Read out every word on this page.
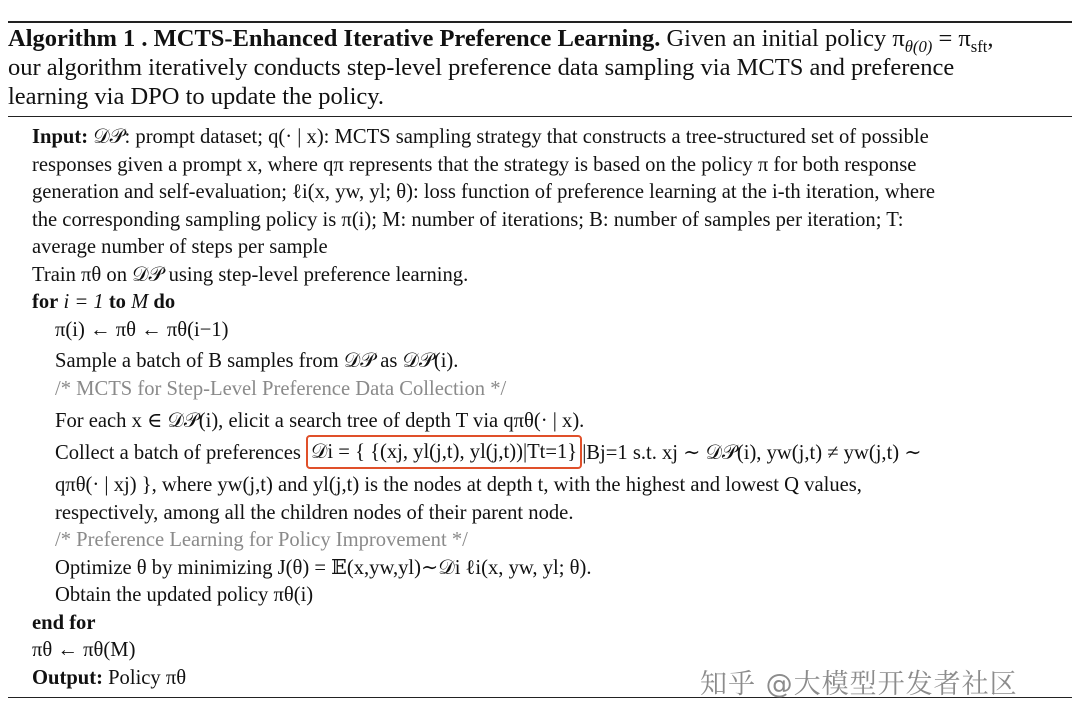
Algorithm 1 . MCTS-Enhanced Iterative Preference Learning. Given an initial policy $\pi_{\theta(0)} = \pi_{sft}$,
our algorithm iteratively conducts step-level preference data sampling via MCTS and preference
learning via DPO to update the policy.
Input: 𝒟𝒫: prompt dataset; q(· | x): MCTS sampling strategy that constructs a tree-structured set of possible
responses given a prompt x, where qπ represents that the strategy is based on the policy π for both response
generation and self-evaluation; ℓi(x, yw, yl; θ): loss function of preference learning at the i-th iteration, where
the corresponding sampling policy is π(i); M: number of iterations; B: number of samples per iteration; T:
average number of steps per sample
Train πθ on 𝒟𝒫 using step-level preference learning.
for i = 1 to M do
π(i) ← πθ ← πθ(i−1)
Sample a batch of B samples from 𝒟𝒫 as 𝒟𝒫(i).
/* MCTS for Step-Level Preference Data Collection */
For each x ∈ 𝒟𝒫(i), elicit a search tree of depth T via qπθ(· | x).
Collect a batch of preferences 𝒟i = { {(xj, yl(j,t), yl(j,t))|Tt=1} |Bj=1 s.t. xj ∼ 𝒟𝒫(i), yw(j,t) ≠ yw(j,t) ∼
qπθ(· | xj) }, where yw(j,t) and yl(j,t) is the nodes at depth t, with the highest and lowest Q values,
respectively, among all the children nodes of their parent node.
/* Preference Learning for Policy Improvement */
Optimize θ by minimizing J(θ) = 𝔼(x,yw,yl)∼𝒟i ℓi(x, yw, yl; θ).
Obtain the updated policy πθ(i)
end for
πθ ← πθ(M)
Output: Policy πθ	知乎 @大模型开发者社区
